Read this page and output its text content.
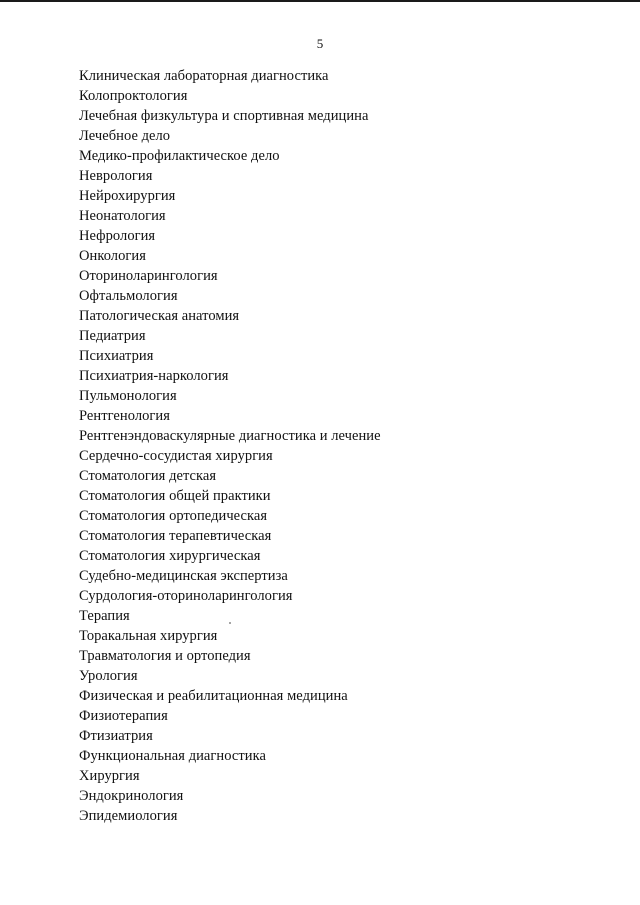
5
Клиническая лабораторная диагностика
Колопроктология
Лечебная физкультура и спортивная медицина
Лечебное дело
Медико-профилактическое дело
Неврология
Нейрохирургия
Неонатология
Нефрология
Онкология
Оториноларингология
Офтальмология
Патологическая анатомия
Педиатрия
Психиатрия
Психиатрия-наркология
Пульмонология
Рентгенология
Рентгенэндоваскулярные диагностика и лечение
Сердечно-сосудистая хирургия
Стоматология детская
Стоматология общей практики
Стоматология ортопедическая
Стоматология терапевтическая
Стоматология хирургическая
Судебно-медицинская экспертиза
Сурдология-оториноларингология
Терапия
Торакальная хирургия
Травматология и ортопедия
Урология
Физическая и реабилитационная медицина
Физиотерапия
Фтизиатрия
Функциональная диагностика
Хирургия
Эндокринология
Эпидемиология
